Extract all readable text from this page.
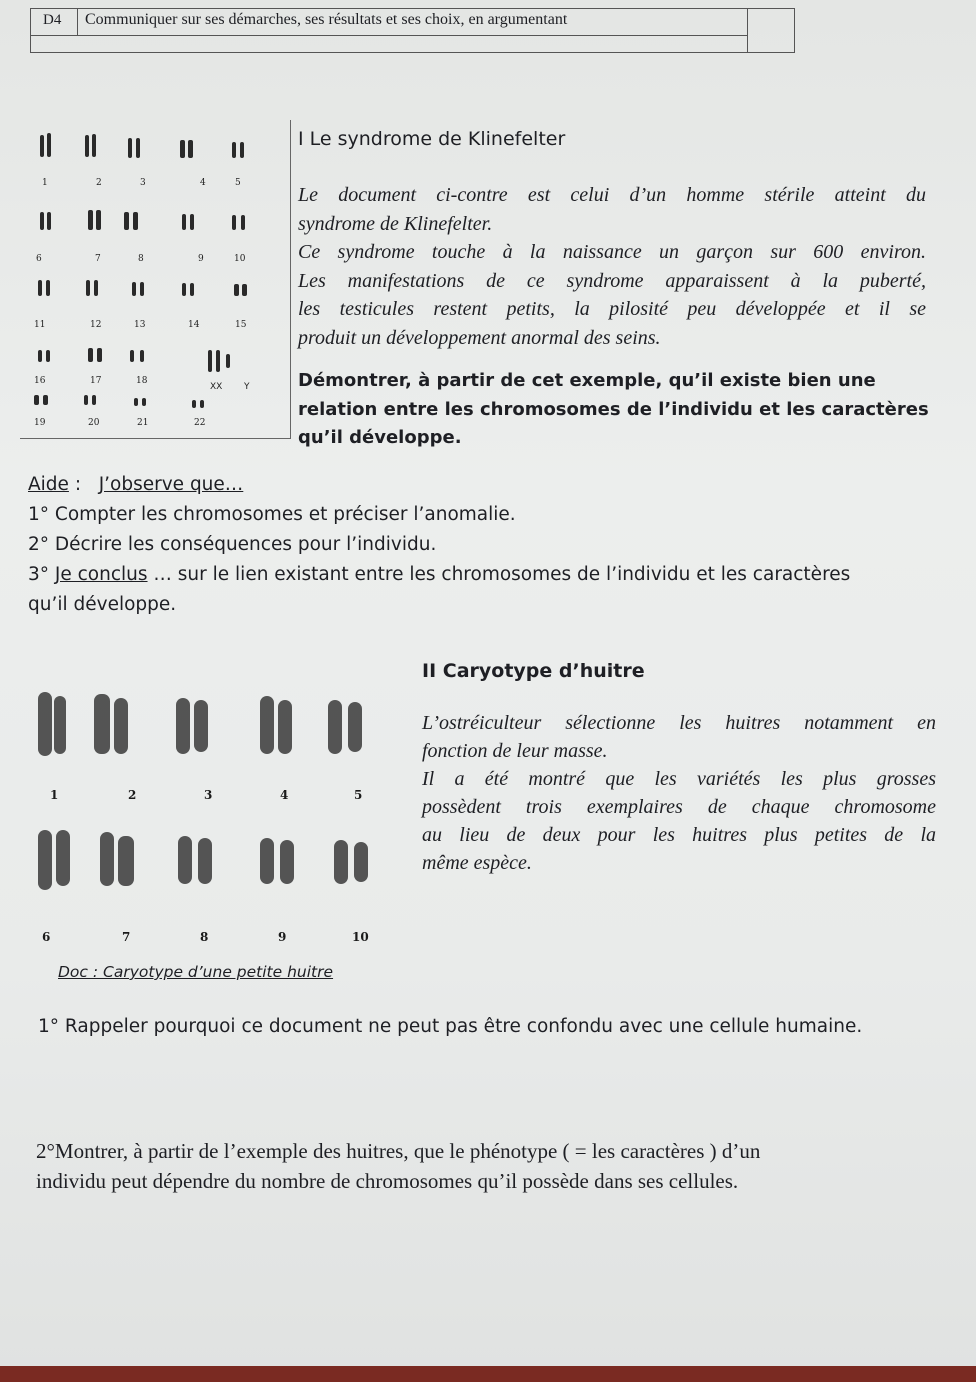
D4 Communiquer sur ses démarches, ses résultats et ses choix, en argumentant
1	2	3	4	5
6	7	8	9	10
11	12	13	14	15
16	17	18
XX Y
19	20	21	22
I Le syndrome de Klinefelter
Le document ci-contre est celui d’un homme stérile atteint du
syndrome de Klinefelter.
Ce syndrome touche à la naissance un garçon sur 600 environ.
Les manifestations de ce syndrome apparaissent à la puberté,
les testicules restent petits, la pilosité peu développée et il se
produit un développement anormal des seins.
Démontrer, à partir de cet exemple, qu’il existe bien une
relation entre les chromosomes de l’individu et les caractères
qu’il développe.
Aide :   J’observe que…
1° Compter les chromosomes et préciser l’anomalie.
2° Décrire les conséquences pour l’individu.
3° Je conclus … sur le lien existant entre les chromosomes de l’individu et les caractères
qu’il développe.
II Caryotype d’huitre
1	2	3	4	5
6	7	8	9	10
L’ostréiculteur sélectionne les huitres notamment en
fonction de leur masse.
Il a été montré que les variétés les plus grosses
possèdent trois exemplaires de chaque chromosome
au lieu de deux pour les huitres plus petites de la
même espèce.
Doc : Caryotype d’une petite huitre
1° Rappeler pourquoi ce document ne peut pas être confondu avec une cellule humaine.
2°Montrer, à partir de l’exemple des huitres, que le phénotype ( = les caractères ) d’un
individu peut dépendre du nombre de chromosomes qu’il possède dans ses cellules.
